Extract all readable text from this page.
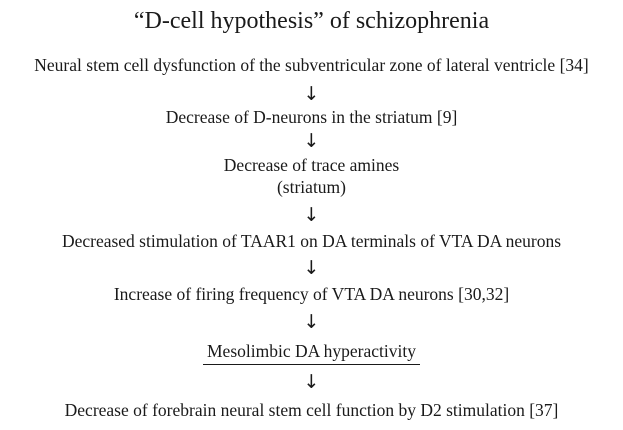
“D-cell hypothesis” of schizophrenia
Neural stem cell dysfunction of the subventricular zone of lateral ventricle [34]
↓
Decrease of D-neurons in the striatum [9]
↓
Decrease of trace amines
(striatum)
↓
Decreased stimulation of TAAR1 on DA terminals of VTA DA neurons
↓
Increase of firing frequency of VTA DA neurons [30,32]
↓
Mesolimbic DA hyperactivity
↓
Decrease of forebrain neural stem cell function by D2 stimulation [37]
